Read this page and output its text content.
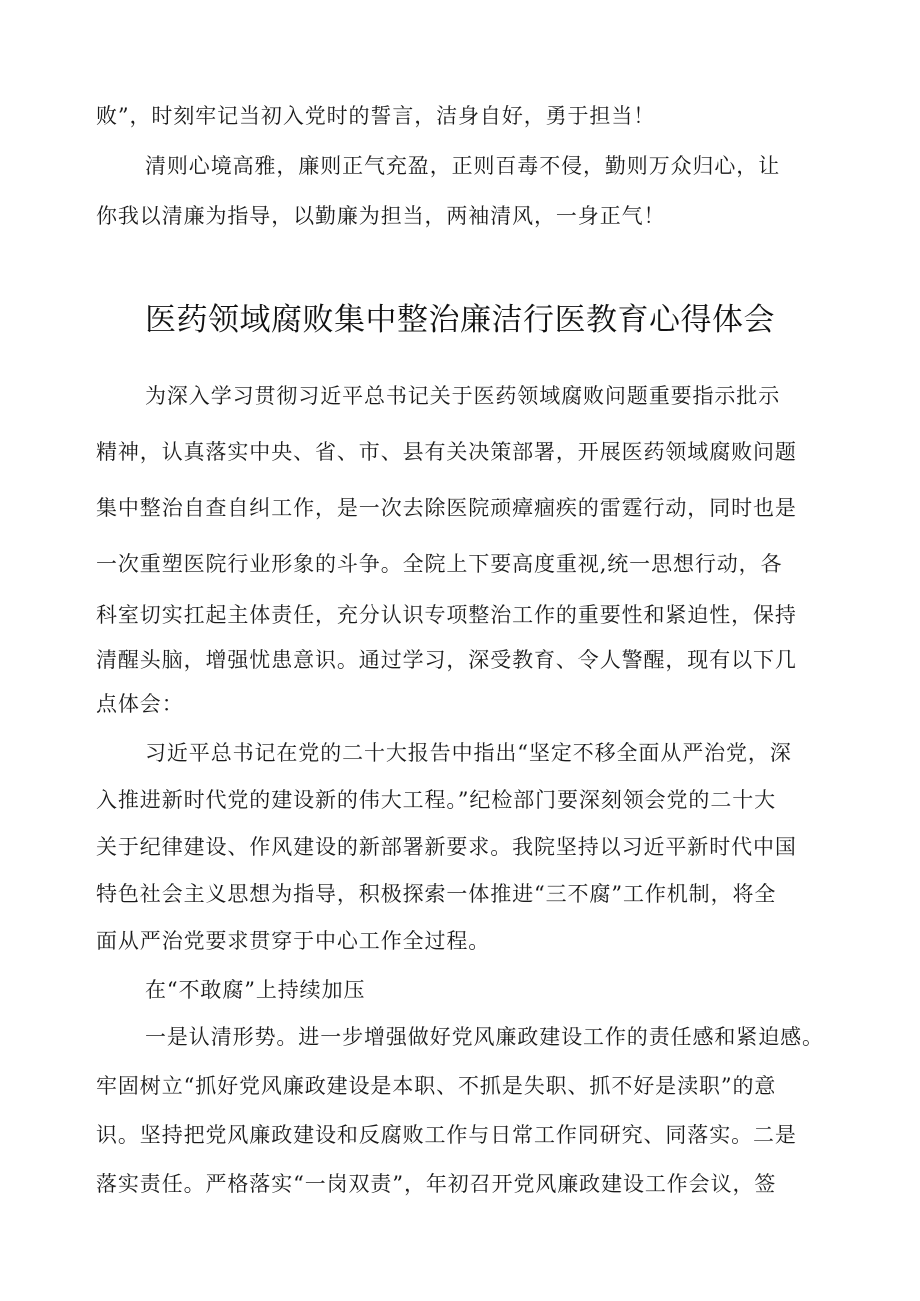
败”，时刻牢记当初入党时的誓言，洁身自好，勇于担当！
清则心境高雅，廉则正气充盈，正则百毒不侵，勤则万众归心，让
你我以清廉为指导，以勤廉为担当，两袖清风，一身正气！
医药领域腐败集中整治廉洁行医教育心得体会
为深入学习贯彻习近平总书记关于医药领域腐败问题重要指示批示
精神，认真落实中央、省、市、县有关决策部署，开展医药领域腐败问题
集中整治自查自纠工作，是一次去除医院顽瘴痼疾的雷霆行动，同时也是
一次重塑医院行业形象的斗争。全院上下要高度重视,统一思想行动，各
科室切实扛起主体责任，充分认识专项整治工作的重要性和紧迫性，保持
清醒头脑，增强忧患意识。通过学习，深受教育、令人警醒，现有以下几
点体会：
习近平总书记在党的二十大报告中指出“坚定不移全面从严治党，深
入推进新时代党的建设新的伟大工程。”纪检部门要深刻领会党的二十大
关于纪律建设、作风建设的新部署新要求。我院坚持以习近平新时代中国
特色社会主义思想为指导，积极探索一体推进“三不腐”工作机制，将全
面从严治党要求贯穿于中心工作全过程。
在“不敢腐”上持续加压
一是认清形势。进一步增强做好党风廉政建设工作的责任感和紧迫感。
牢固树立“抓好党风廉政建设是本职、不抓是失职、抓不好是渎职”的意
识。坚持把党风廉政建设和反腐败工作与日常工作同研究、同落实。二是
落实责任。严格落实“一岗双责”，年初召开党风廉政建设工作会议，签
